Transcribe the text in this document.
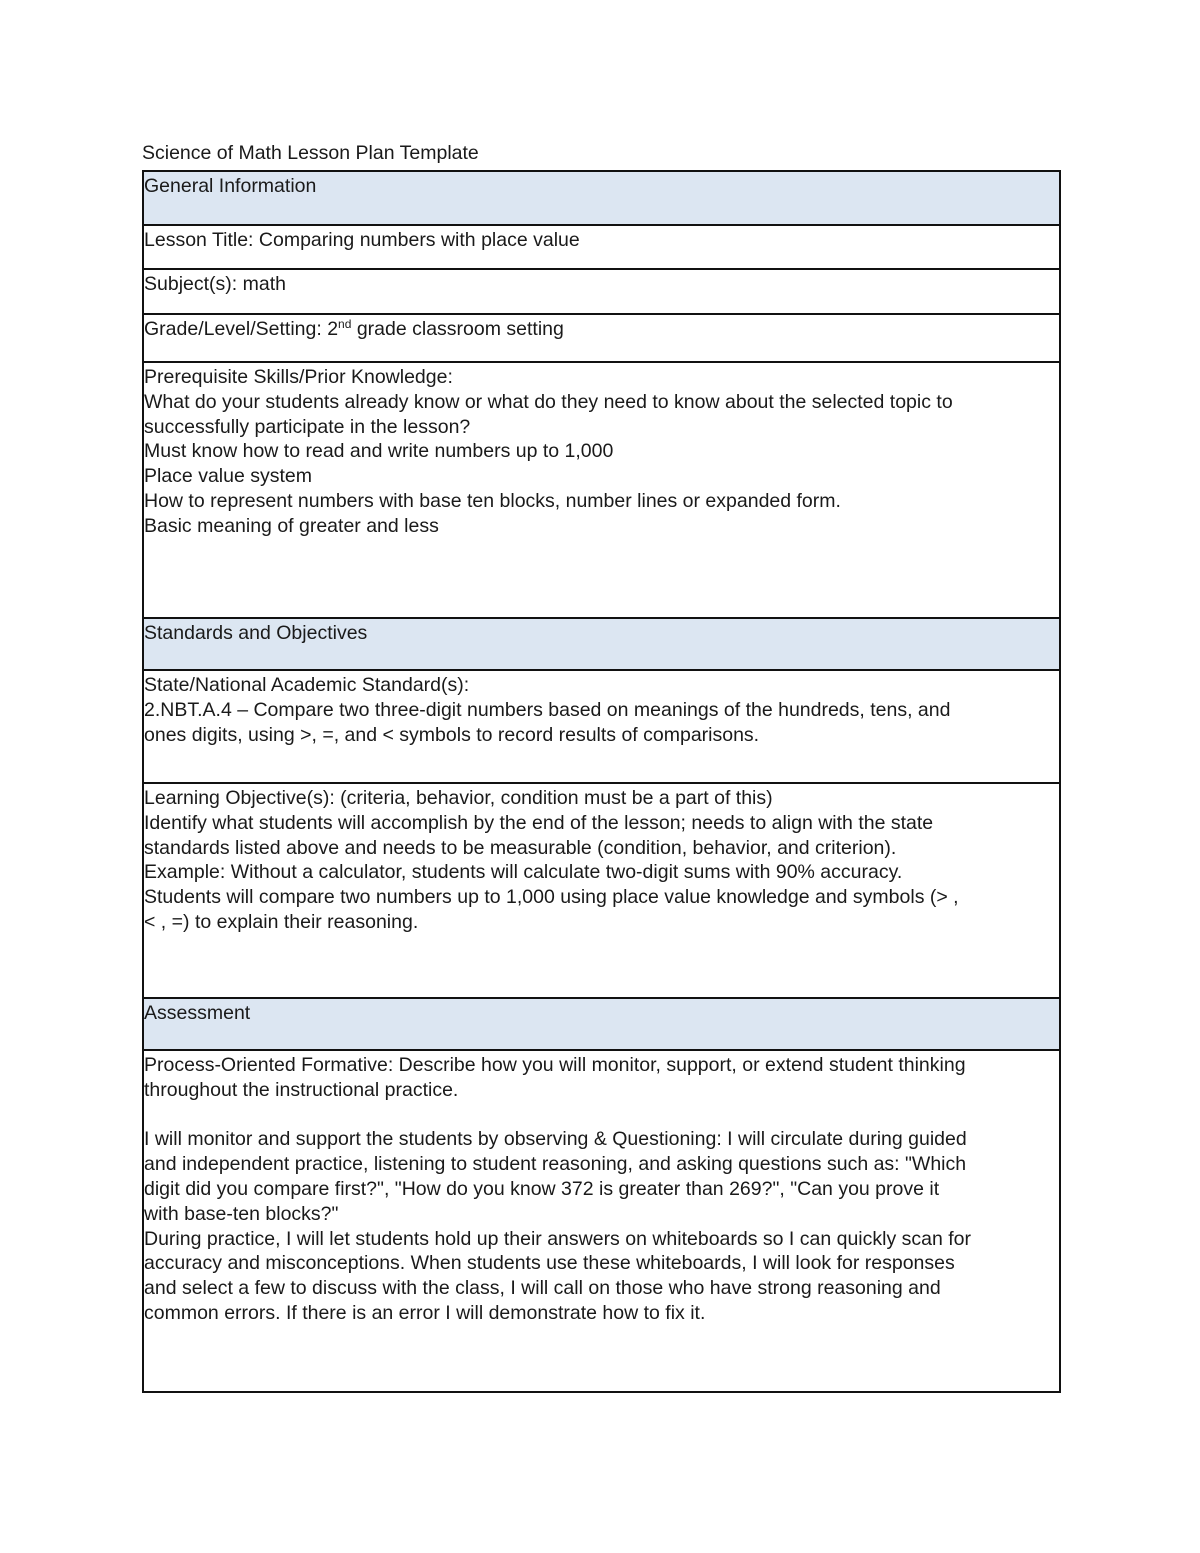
Science of Math Lesson Plan Template
General Information
Lesson Title: Comparing numbers with place value
Subject(s): math
Grade/Level/Setting: 2nd grade classroom setting
Prerequisite Skills/Prior Knowledge:
What do your students already know or what do they need to know about the selected topic to
successfully participate in the lesson?
Must know how to read and write numbers up to 1,000
Place value system
How to represent numbers with base ten blocks, number lines or expanded form.
Basic meaning of greater and less
Standards and Objectives
State/National Academic Standard(s):
2.NBT.A.4 – Compare two three-digit numbers based on meanings of the hundreds, tens, and
ones digits, using >, =, and < symbols to record results of comparisons.
Learning Objective(s): (criteria, behavior, condition must be a part of this)
Identify what students will accomplish by the end of the lesson; needs to align with the state
standards listed above and needs to be measurable (condition, behavior, and criterion).
Example: Without a calculator, students will calculate two-digit sums with 90% accuracy.
Students will compare two numbers up to 1,000 using place value knowledge and symbols (> ,
< , =) to explain their reasoning.
Assessment
Process-Oriented Formative: Describe how you will monitor, support, or extend student thinking
throughout the instructional practice.
I will monitor and support the students by observing & Questioning: I will circulate during guided
and independent practice, listening to student reasoning, and asking questions such as: "Which
digit did you compare first?", "How do you know 372 is greater than 269?", "Can you prove it
with base-ten blocks?"
During practice, I will let students hold up their answers on whiteboards so I can quickly scan for
accuracy and misconceptions. When students use these whiteboards, I will look for responses
and select a few to discuss with the class, I will call on those who have strong reasoning and
common errors. If there is an error I will demonstrate how to fix it.
